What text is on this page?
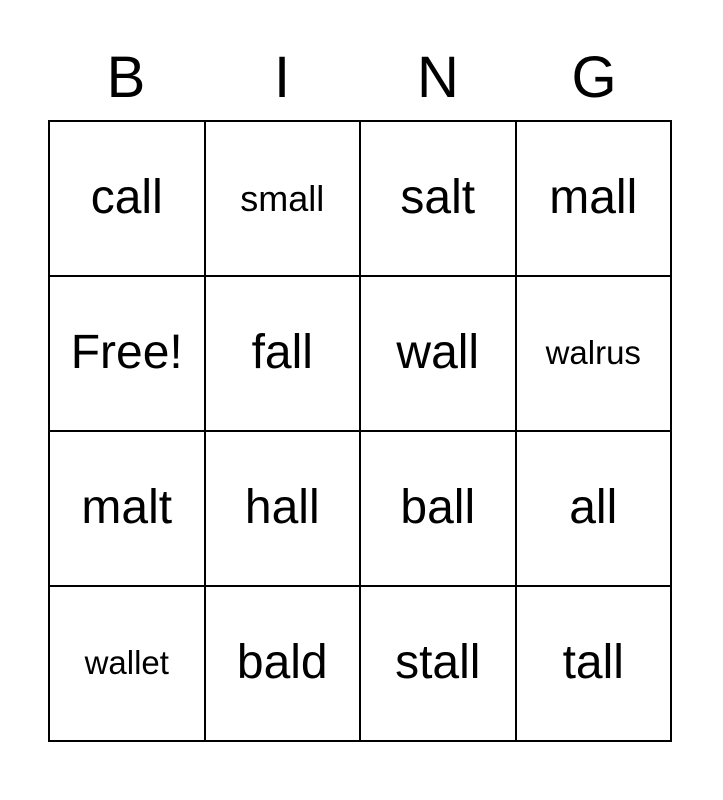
B	I	N	G
call small salt mall
Free! fall wall walrus
malt hall ball all
wallet bald stall tall
